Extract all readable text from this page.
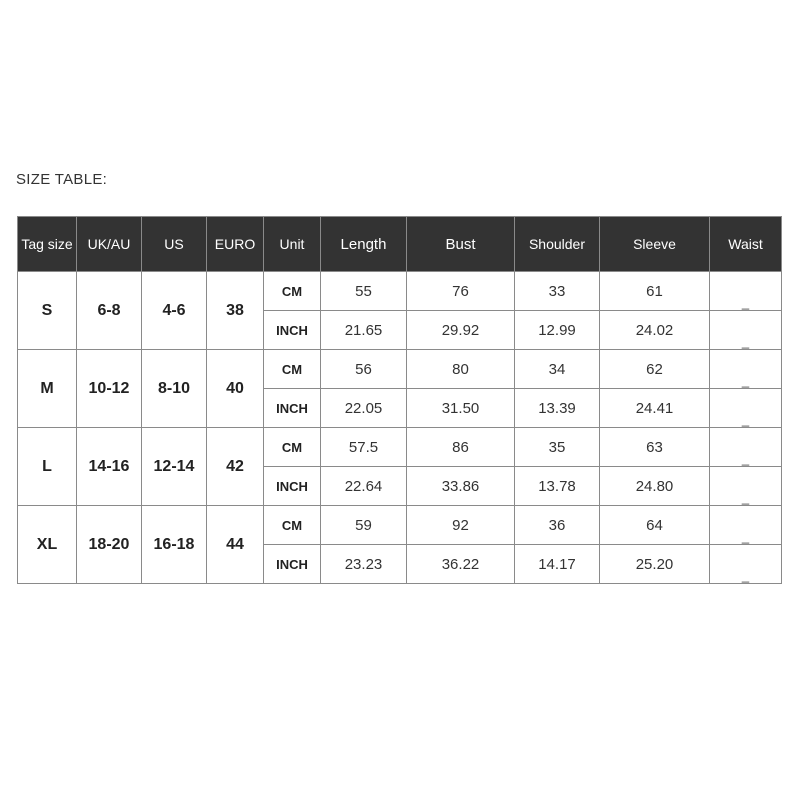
SIZE TABLE:
Tag size	UK/AU	US	EURO	Unit	Length	Bust	Shoulder	Sleeve	Waist
S	6-8	4-6	38	CM	55	76	33	61	_
				INCH	21.65	29.92	12.99	24.02	_
M	10-12	8-10	40	CM	56	80	34	62	_
				INCH	22.05	31.50	13.39	24.41	_
L	14-16	12-14	42	CM	57.5	86	35	63	_
				INCH	22.64	33.86	13.78	24.80	_
XL	18-20	16-18	44	CM	59	92	36	64	_
				INCH	23.23	36.22	14.17	25.20	_
